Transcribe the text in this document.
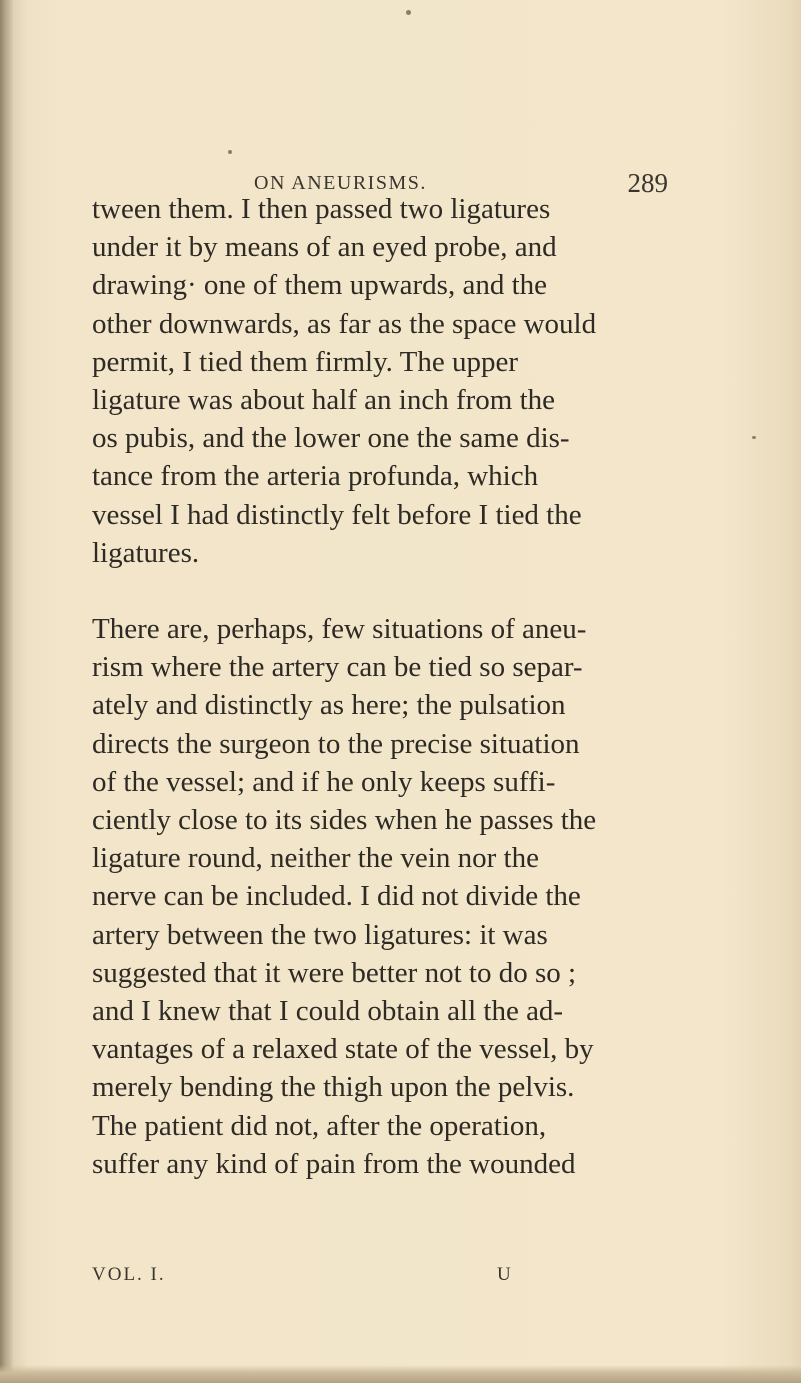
ON ANEURISMS.	289

tween them. I then passed two ligatures
under it by means of an eyed probe, and
drawing· one of them upwards, and the
other downwards, as far as the space would
permit, I tied them firmly. The upper
ligature was about half an inch from the
os pubis, and the lower one the same dis-
tance from the arteria profunda, which
vessel I had distinctly felt before I tied the
ligatures.

There are, perhaps, few situations of aneu-
rism where the artery can be tied so separ-
ately and distinctly as here; the pulsation
directs the surgeon to the precise situation
of the vessel; and if he only keeps suffi-
ciently close to its sides when he passes the
ligature round, neither the vein nor the
nerve can be included. I did not divide the
artery between the two ligatures: it was
suggested that it were better not to do so ;
and I knew that I could obtain all the ad-
vantages of a relaxed state of the vessel, by
merely bending the thigh upon the pelvis.
The patient did not, after the operation,
suffer any kind of pain from the wounded

VOL. I.	U
